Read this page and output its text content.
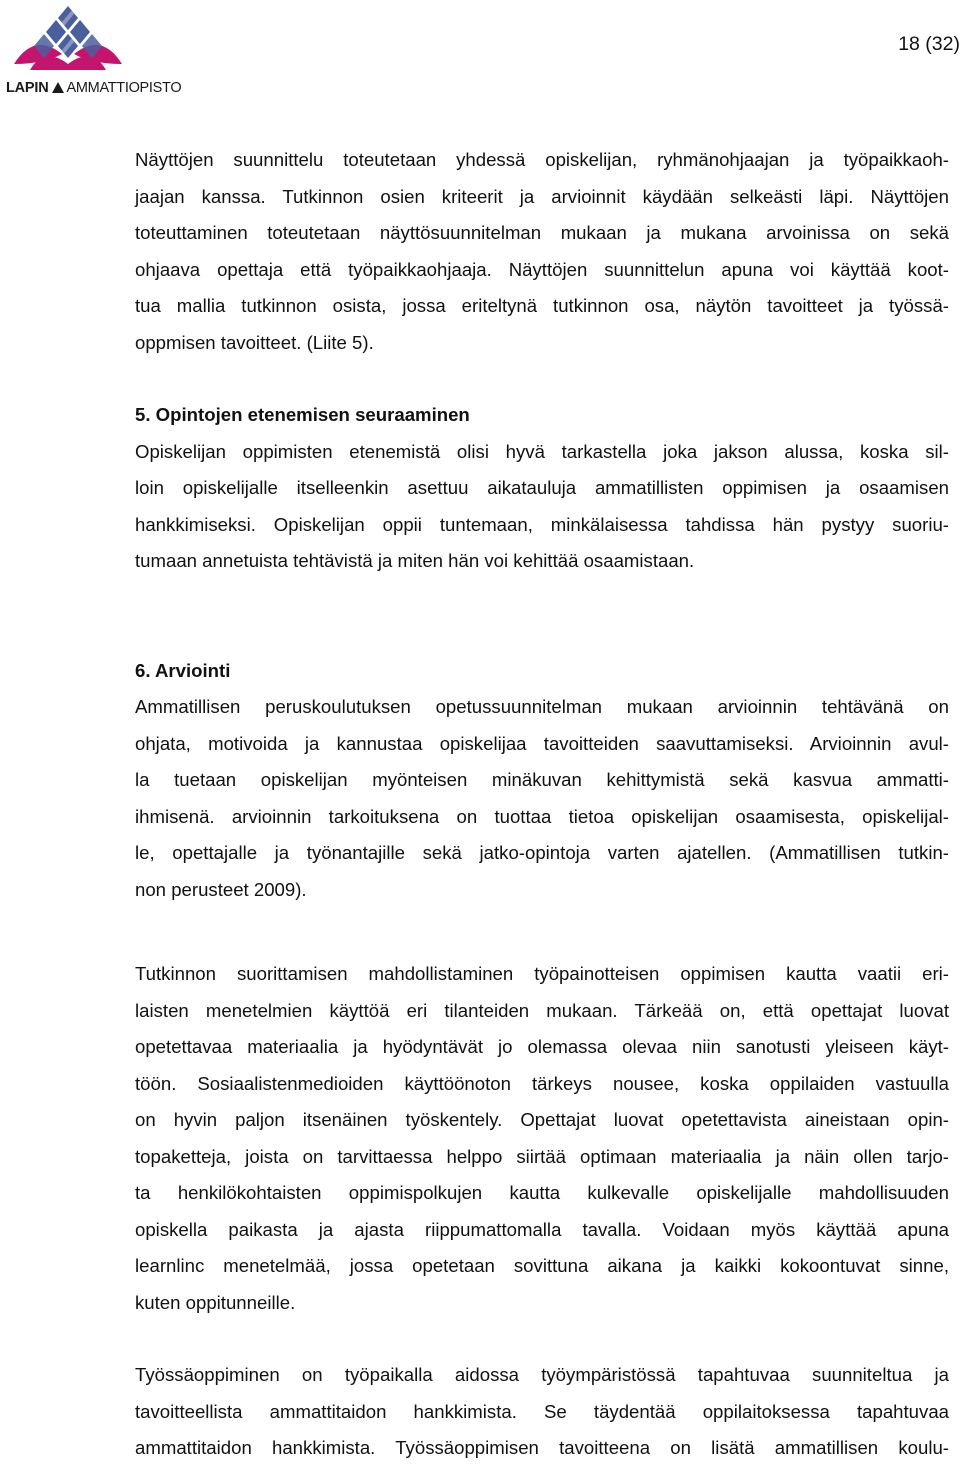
LAPIN AMMATTIOPISTO
18 (32)
Näyttöjen suunnittelu toteutetaan yhdessä opiskelijan, ryhmänohjaajan ja työpaikkaoh-
jaajan kanssa. Tutkinnon osien kriteerit ja arvioinnit käydään selkeästi läpi. Näyttöjen
toteuttaminen toteutetaan näyttösuunnitelman mukaan ja mukana arvoinissa on sekä
ohjaava opettaja että työpaikkaohjaaja. Näyttöjen suunnittelun apuna voi käyttää koot-
tua mallia tutkinnon osista, jossa eriteltynä tutkinnon osa, näytön tavoitteet ja työssä-
oppmisen tavoitteet. (Liite 5).
5. Opintojen etenemisen seuraaminen
Opiskelijan oppimisten etenemistä olisi hyvä tarkastella joka jakson alussa, koska sil-
loin opiskelijalle itselleenkin asettuu aikatauluja ammatillisten oppimisen ja osaamisen
hankkimiseksi. Opiskelijan oppii tuntemaan, minkälaisessa tahdissa hän pystyy suoriu-
tumaan annetuista tehtävistä ja miten hän voi kehittää osaamistaan.
6. Arviointi
Ammatillisen peruskoulutuksen opetussuunnitelman mukaan arvioinnin tehtävänä on
ohjata, motivoida ja kannustaa opiskelijaa tavoitteiden saavuttamiseksi. Arvioinnin avul-
la tuetaan opiskelijan myönteisen minäkuvan kehittymistä sekä kasvua ammatti-
ihmisenä. arvioinnin tarkoituksena on tuottaa tietoa opiskelijan osaamisesta, opiskelijal-
le, opettajalle ja työnantajille sekä jatko-opintoja varten ajatellen. (Ammatillisen tutkin-
non perusteet 2009).
Tutkinnon suorittamisen mahdollistaminen työpainotteisen oppimisen kautta vaatii eri-
laisten menetelmien käyttöä eri tilanteiden mukaan. Tärkeää on, että opettajat luovat
opetettavaa materiaalia ja hyödyntävät jo olemassa olevaa niin sanotusti yleiseen käyt-
töön. Sosiaalistenmedioiden käyttöönoton tärkeys nousee, koska oppilaiden vastuulla
on hyvin paljon itsenäinen työskentely. Opettajat luovat opetettavista aineistaan opin-
topaketteja, joista on tarvittaessa helppo siirtää optimaan materiaalia ja näin ollen tarjo-
ta henkilökohtaisten oppimispolkujen kautta kulkevalle opiskelijalle mahdollisuuden
opiskella paikasta ja ajasta riippumattomalla tavalla. Voidaan myös käyttää apuna
learnlinc menetelmää, jossa opetetaan sovittuna aikana ja kaikki kokoontuvat sinne,
kuten oppitunneille.
Työssäoppiminen on työpaikalla aidossa työympäristössä tapahtuvaa suunniteltua ja
tavoitteellista ammattitaidon hankkimista. Se täydentää oppilaitoksessa tapahtuvaa
ammattitaidon hankkimista. Työssäoppimisen tavoitteena on lisätä ammatillisen koulu-
